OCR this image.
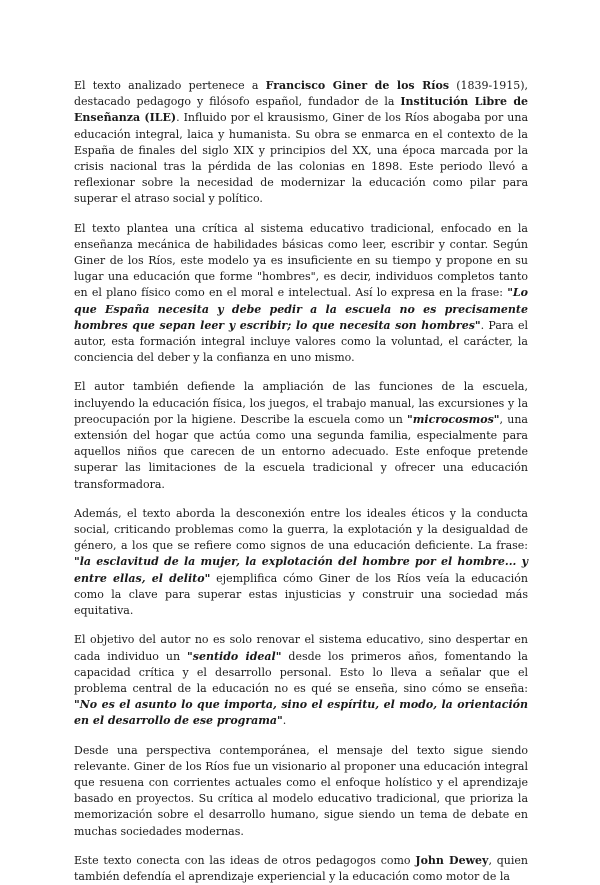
El texto analizado pertenece a Francisco Giner de los Ríos (1839-1915), destacado pedagogo y filósofo español, fundador de la Institución Libre de Enseñanza (ILE). Influido por el krausismo, Giner de los Ríos abogaba por una educación integral, laica y humanista. Su obra se enmarca en el contexto de la España de finales del siglo XIX y principios del XX, una época marcada por la crisis nacional tras la pérdida de las colonias en 1898. Este periodo llevó a reflexionar sobre la necesidad de modernizar la educación como pilar para superar el atraso social y político.

El texto plantea una crítica al sistema educativo tradicional, enfocado en la enseñanza mecánica de habilidades básicas como leer, escribir y contar. Según Giner de los Ríos, este modelo ya es insuficiente en su tiempo y propone en su lugar una educación que forme "hombres", es decir, individuos completos tanto en el plano físico como en el moral e intelectual. Así lo expresa en la frase: "Lo que España necesita y debe pedir a la escuela no es precisamente hombres que sepan leer y escribir; lo que necesita son hombres". Para el autor, esta formación integral incluye valores como la voluntad, el carácter, la conciencia del deber y la confianza en uno mismo.

El autor también defiende la ampliación de las funciones de la escuela, incluyendo la educación física, los juegos, el trabajo manual, las excursiones y la preocupación por la higiene. Describe la escuela como un "microcosmos", una extensión del hogar que actúa como una segunda familia, especialmente para aquellos niños que carecen de un entorno adecuado. Este enfoque pretende superar las limitaciones de la escuela tradicional y ofrecer una educación transformadora.

Además, el texto aborda la desconexión entre los ideales éticos y la conducta social, criticando problemas como la guerra, la explotación y la desigualdad de género, a los que se refiere como signos de una educación deficiente. La frase: "la esclavitud de la mujer, la explotación del hombre por el hombre... y entre ellas, el delito" ejemplifica cómo Giner de los Ríos veía la educación como la clave para superar estas injusticias y construir una sociedad más equitativa.

El objetivo del autor no es solo renovar el sistema educativo, sino despertar en cada individuo un "sentido ideal" desde los primeros años, fomentando la capacidad crítica y el desarrollo personal. Esto lo lleva a señalar que el problema central de la educación no es qué se enseña, sino cómo se enseña: "No es el asunto lo que importa, sino el espíritu, el modo, la orientación en el desarrollo de ese programa".

Desde una perspectiva contemporánea, el mensaje del texto sigue siendo relevante. Giner de los Ríos fue un visionario al proponer una educación integral que resuena con corrientes actuales como el enfoque holístico y el aprendizaje basado en proyectos. Su crítica al modelo educativo tradicional, que prioriza la memorización sobre el desarrollo humano, sigue siendo un tema de debate en muchas sociedades modernas.

Este texto conecta con las ideas de otros pedagogos como John Dewey, quien también defendía el aprendizaje experiencial y la educación como motor de la
